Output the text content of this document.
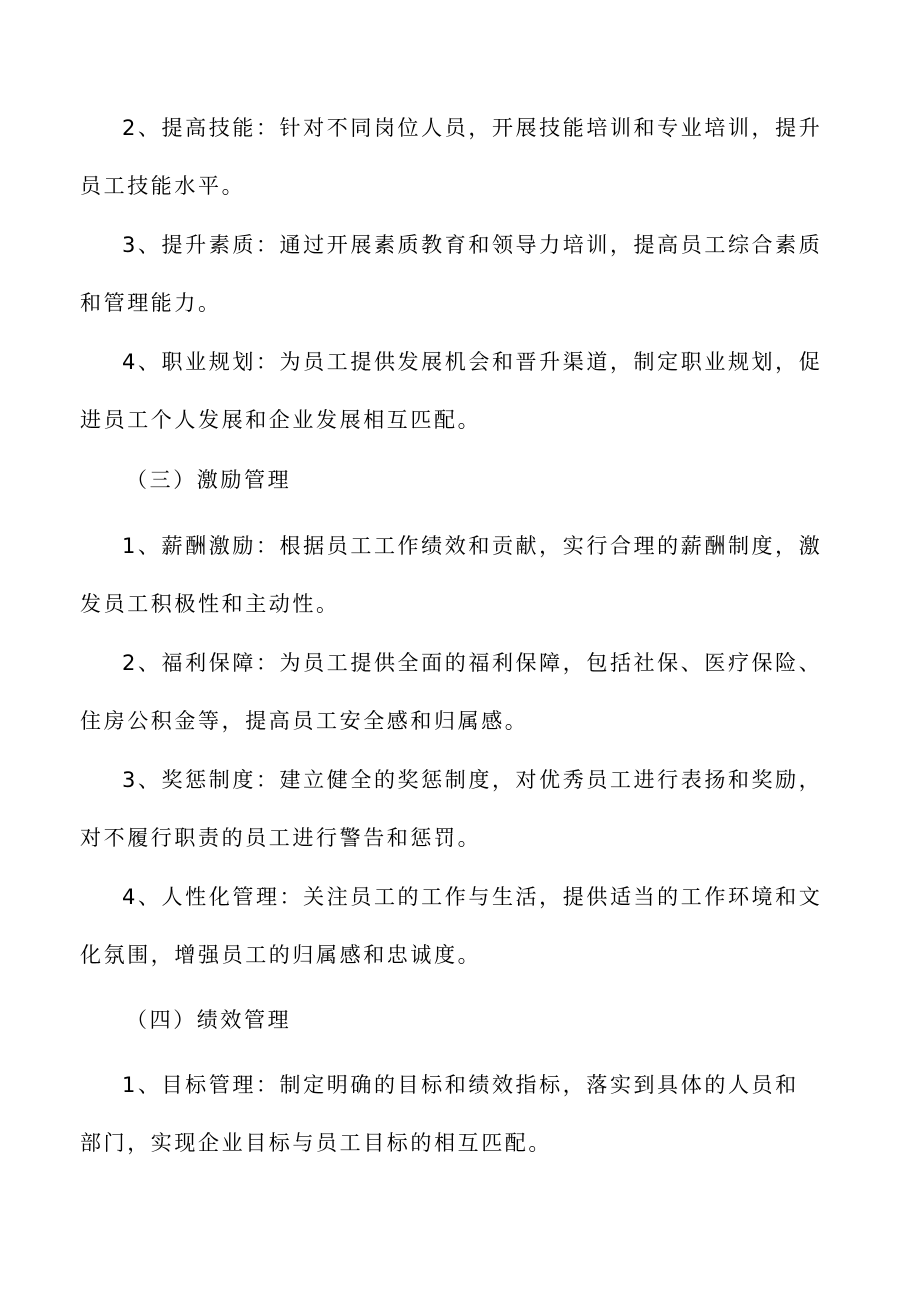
2、提高技能：针对不同岗位人员，开展技能培训和专业培训，提升员工技能水平。

3、提升素质：通过开展素质教育和领导力培训，提高员工综合素质和管理能力。

4、职业规划：为员工提供发展机会和晋升渠道，制定职业规划，促进员工个人发展和企业发展相互匹配。

（三）激励管理

1、薪酬激励：根据员工工作绩效和贡献，实行合理的薪酬制度，激发员工积极性和主动性。

2、福利保障：为员工提供全面的福利保障，包括社保、医疗保险、住房公积金等，提高员工安全感和归属感。

3、奖惩制度：建立健全的奖惩制度，对优秀员工进行表扬和奖励，对不履行职责的员工进行警告和惩罚。

4、人性化管理：关注员工的工作与生活，提供适当的工作环境和文化氛围，增强员工的归属感和忠诚度。

（四）绩效管理

1、目标管理：制定明确的目标和绩效指标，落实到具体的人员和部门，实现企业目标与员工目标的相互匹配。
